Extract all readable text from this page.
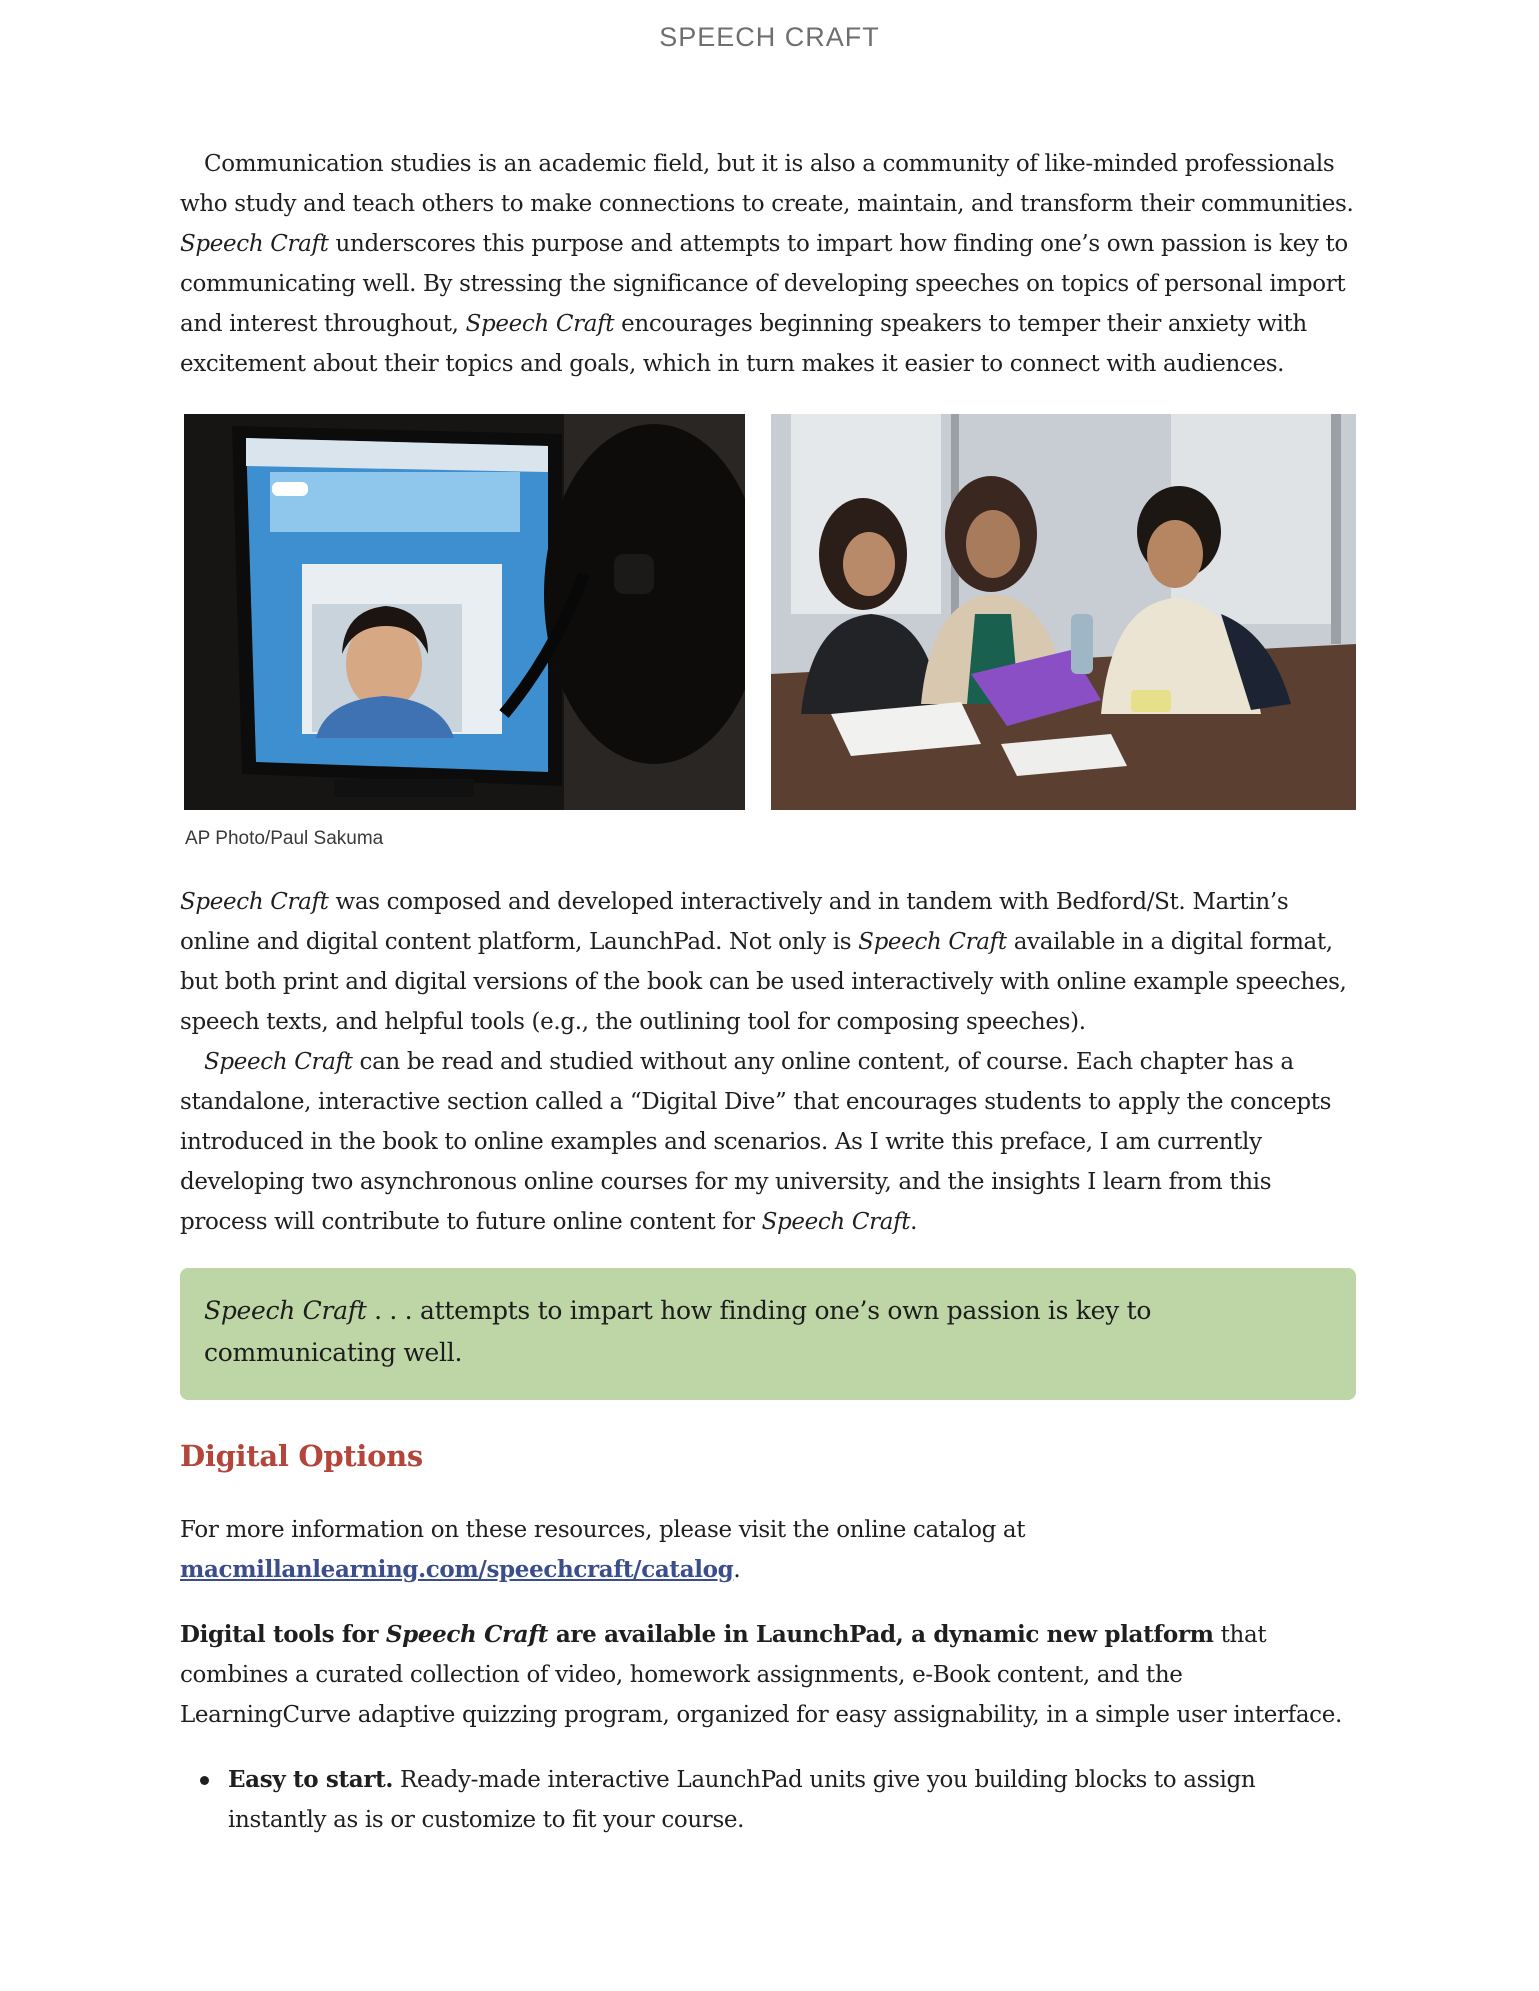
SPEECH CRAFT

Communication studies is an academic field, but it is also a community of like-minded professionals who study and teach others to make connections to create, maintain, and transform their communities. Speech Craft underscores this purpose and attempts to impart how finding one’s own passion is key to communicating well. By stressing the significance of developing speeches on topics of personal import and interest throughout, Speech Craft encourages beginning speakers to temper their anxiety with excitement about their topics and goals, which in turn makes it easier to connect with audiences.

AP Photo/Paul Sakuma

Speech Craft was composed and developed interactively and in tandem with Bedford/St. Martin’s online and digital content platform, LaunchPad. Not only is Speech Craft available in a digital format, but both print and digital versions of the book can be used interactively with online example speeches, speech texts, and helpful tools (e.g., the outlining tool for composing speeches).

Speech Craft can be read and studied without any online content, of course. Each chapter has a standalone, interactive section called a “Digital Dive” that encourages students to apply the concepts introduced in the book to online examples and scenarios. As I write this preface, I am currently developing two asynchronous online courses for my university, and the insights I learn from this process will contribute to future online content for Speech Craft.

Speech Craft . . . attempts to impart how finding one’s own passion is key to communicating well.
Digital Options

For more information on these resources, please visit the online catalog at macmillanlearning.com/speechcraft/catalog.

Digital tools for Speech Craft are available in LaunchPad, a dynamic new platform that combines a curated collection of video, homework assignments, e-Book content, and the LearningCurve adaptive quizzing program, organized for easy assignability, in a simple user interface.

Easy to start. Ready-made interactive LaunchPad units give you building blocks to assign instantly as is or customize to fit your course.
